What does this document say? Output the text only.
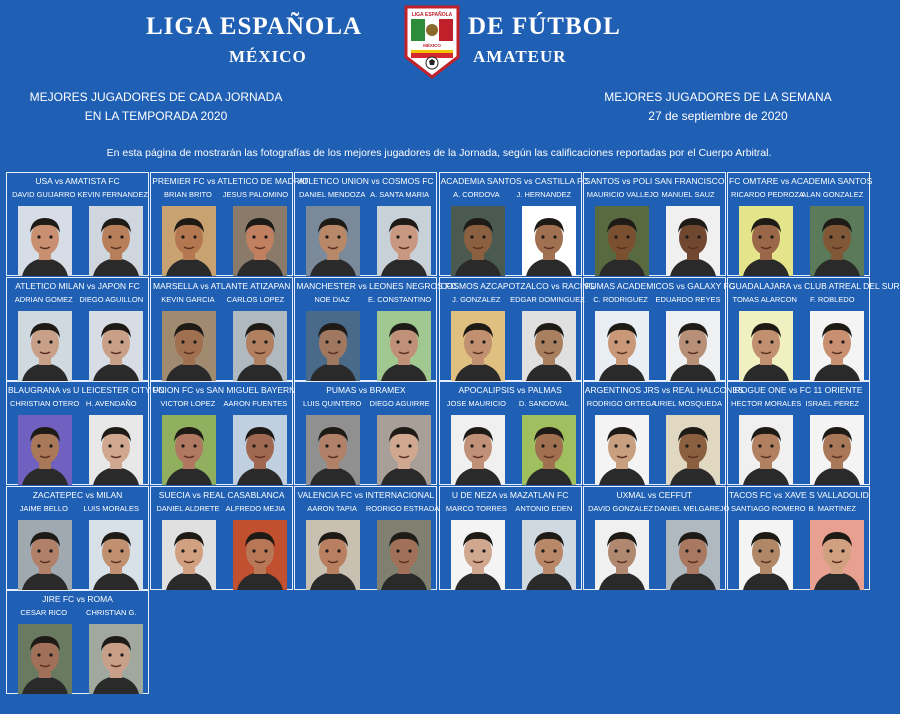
LIGA ESPAÑOLA
MÉXICO
DE FÚTBOL
AMATEUR
LIGA ESPAÑOLA
MÉXICO
MEJORES JUGADORES DE CADA JORNADA
EN LA TEMPORADA 2020
MEJORES JUGADORES DE LA SEMANA
27 de septiembre de 2020
En esta página de mostrarán las fotografías de los mejores jugadores de la Jornada, según las calificaciones reportadas por el Cuerpo Arbitral.
USA vs AMATISTA FC
DAVID GUIJARRO KEVIN FERNANDEZ
PREMIER FC vs ATLETICO DE MADRID
BRIAN BRITO	JESUS PALOMINO
ATLETICO UNION vs COSMOS FC
DANIEL MENDOZA A. SANTA MARIA
ACADEMIA SANTOS vs CASTILLA FC
A. CORDOVA	J. HERNANDEZ
SANTOS vs POLI SAN FRANCISCO
MAURICIO VALLEJO MANUEL SAUZ
FC OMTARE vs ACADEMIA SANTOS
RICARDO PEDROZA
ALAN GONZALEZ
ATLETICO MILAN vs JAPON FC
ADRIAN GOMEZ DIEGO AGUILLON
MARSELLA vs ATLANTE ATIZAPAN
KEVIN GARCIA	CARLOS LOPEZ
MANCHESTER vs LEONES NEGROS FC
NOE DIAZ	E. CONSTANTINO
COSMOS AZCAPOTZALCO vs RACING
J. GONZALEZ	EDGAR DOMINGUEZ
PUMAS ACADEMICOS vs GALAXY FC
C. RODRIGUEZ	EDUARDO REYES
GUADALAJARA vs CLUB ATREAL DEL SUR
TOMAS ALARCON	F. ROBLEDO
BLAUGRANA vs U LEICESTER CITY FC
CHRISTIAN OTERO H. AVENDAÑO
UNION FC vs SAN MIGUEL BAYERN
VICTOR LOPEZ	AARON FUENTES
PUMAS vs BRAMEX
LUIS QUINTERO	DIEGO AGUIRRE
APOCALIPSIS vs PALMAS
JOSE MAURICIO	D. SANDOVAL
ARGENTINOS JRS vs REAL HALCONES
RODRIGO ORTEGA
URIEL MOSQUEDA
ROGUE ONE vs FC 11 ORIENTE
HECTOR MORALES ISRAEL PEREZ
ZACATEPEC vs MILAN
JAIME BELLO	LUIS MORALES
SUECIA vs REAL CASABLANCA
DANIEL ALDRETE ALFREDO MEJIA
VALENCIA FC vs INTERNACIONAL
AARON TAPIA	RODRIGO ESTRADA
U DE NEZA vs MAZATLAN FC
MARCO TORRES	ANTONIO EDEN
UXMAL vs CEFFUT
DAVID GONZALEZ DANIEL MELGAREJO
TACOS FC vs XAVE S VALLADOLID
SANTIAGO ROMERO B. MARTINEZ
JIRE FC vs ROMA
CESAR RICO	CHRISTIAN G.
